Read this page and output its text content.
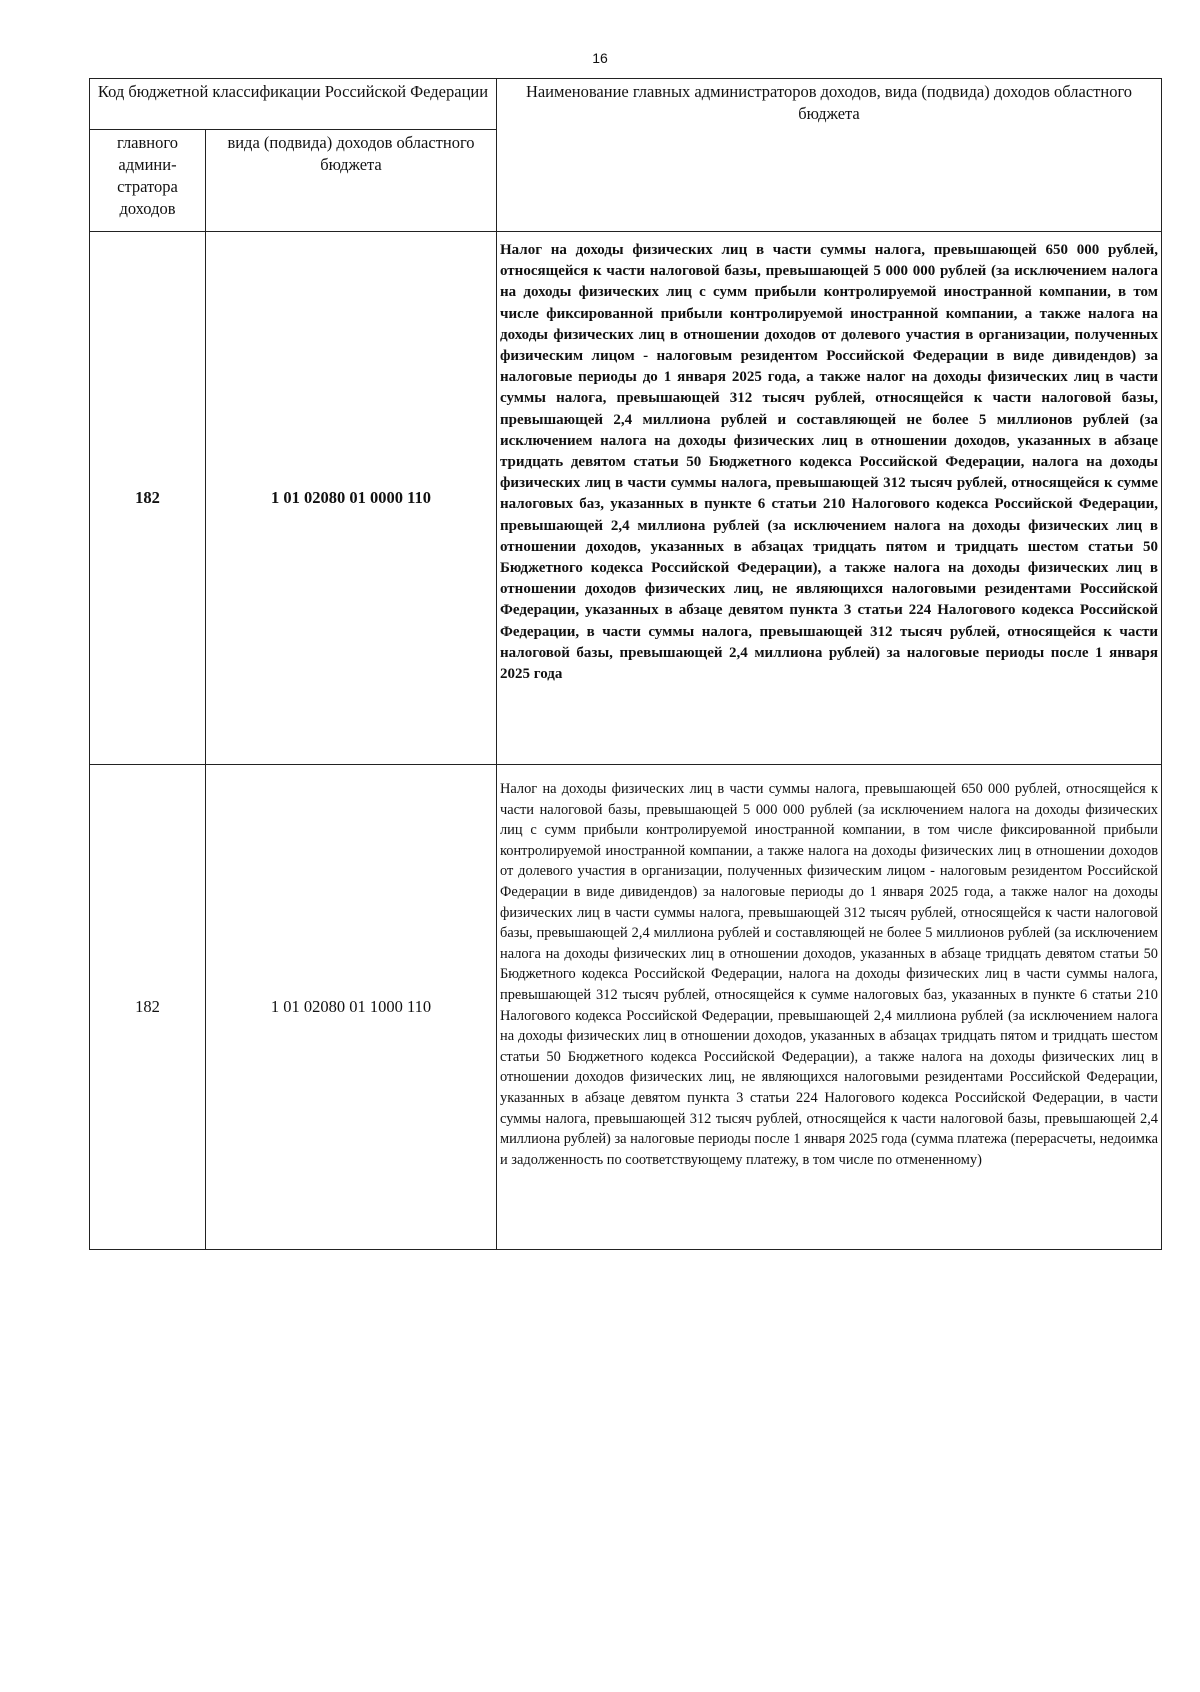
16
Код бюджетной классификации Российской Федерации		Наименование главных администраторов доходов, вида (подвида) доходов областного бюджета
главного админи-стратора доходов	вида (подвида) доходов областного бюджета	
182	1 01 02080 01 0000 110	Налог на доходы физических лиц в части суммы налога, превышающей 650 000 рублей, относящейся к части налоговой базы, превышающей 5 000 000 рублей (за исключением налога на доходы физических лиц с сумм прибыли контролируемой иностранной компании, в том числе фиксированной прибыли контролируемой иностранной компании, а также налога на доходы физических лиц в отношении доходов от долевого участия в организации, полученных физическим лицом - налоговым резидентом Российской Федерации в виде дивидендов) за налоговые периоды до 1 января 2025 года, а также налог на доходы физических лиц в части суммы налога, превышающей 312 тысяч рублей, относящейся к части налоговой базы, превышающей 2,4 миллиона рублей и составляющей не более 5 миллионов рублей (за исключением налога на доходы физических лиц в отношении доходов, указанных в абзаце тридцать девятом статьи 50 Бюджетного кодекса Российской Федерации, налога на доходы физических лиц в части суммы налога, превышающей 312 тысяч рублей, относящейся к сумме налоговых баз, указанных в пункте 6 статьи 210 Налогового кодекса Российской Федерации, превышающей 2,4 миллиона рублей (за исключением налога на доходы физических лиц в отношении доходов, указанных в абзацах тридцать пятом и тридцать шестом статьи 50 Бюджетного кодекса Российской Федерации), а также налога на доходы физических лиц в отношении доходов физических лиц, не являющихся налоговыми резидентами Российской Федерации, указанных в абзаце девятом пункта 3 статьи 224 Налогового кодекса Российской Федерации, в части суммы налога, превышающей 312 тысяч рублей, относящейся к части налоговой базы, превышающей 2,4 миллиона рублей) за налоговые периоды после 1 января 2025 года
182	1 01 02080 01 1000 110	Налог на доходы физических лиц в части суммы налога, превышающей 650 000 рублей, относящейся к части налоговой базы, превышающей 5 000 000 рублей (за исключением налога на доходы физических лиц с сумм прибыли контролируемой иностранной компании, в том числе фиксированной прибыли контролируемой иностранной компании, а также налога на доходы физических лиц в отношении доходов от долевого участия в организации, полученных физическим лицом - налоговым резидентом Российской Федерации в виде дивидендов) за налоговые периоды до 1 января 2025 года, а также налог на доходы физических лиц в части суммы налога, превышающей 312 тысяч рублей, относящейся к части налоговой базы, превышающей 2,4 миллиона рублей и составляющей не более 5 миллионов рублей (за исключением налога на доходы физических лиц в отношении доходов, указанных в абзаце тридцать девятом статьи 50 Бюджетного кодекса Российской Федерации, налога на доходы физических лиц в части суммы налога, превышающей 312 тысяч рублей, относящейся к сумме налоговых баз, указанных в пункте 6 статьи 210 Налогового кодекса Российской Федерации, превышающей 2,4 миллиона рублей (за исключением налога на доходы физических лиц в отношении доходов, указанных в абзацах тридцать пятом и тридцать шестом статьи 50 Бюджетного кодекса Российской Федерации), а также налога на доходы физических лиц в отношении доходов физических лиц, не являющихся налоговыми резидентами Российской Федерации, указанных в абзаце девятом пункта 3 статьи 224 Налогового кодекса Российской Федерации, в части суммы налога, превышающей 312 тысяч рублей, относящейся к части налоговой базы, превышающей 2,4 миллиона рублей) за налоговые периоды после 1 января 2025 года (сумма платежа (перерасчеты, недоимка и задолженность по соответствующему платежу, в том числе по отмененному)
